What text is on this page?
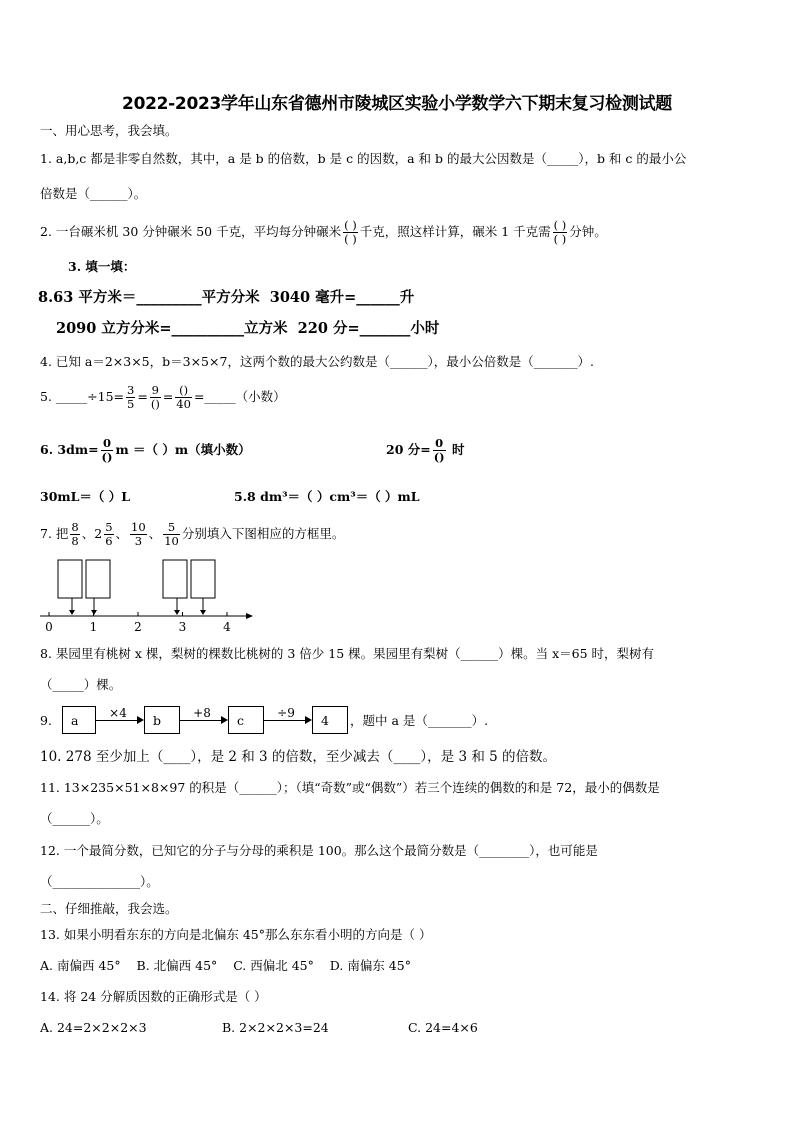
2022-2023学年山东省德州市陵城区实验小学数学六下期末复习检测试题
一、用心思考，我会填。
1. a,b,c 都是非零自然数，其中，a 是 b 的倍数，b 是 c 的因数，a 和 b 的最大公因数是（_____），b 和 c 的最小公
倍数是（______）。
2. 一台碾米机 30 分钟碾米 50 千克，平均每分钟碾米 $\frac{( )}{( )}$ 千克，照这样计算，碾米 1 千克需 $\frac{( )}{( )}$ 分钟。
3. 填一填：
8.63 平方米＝_________平方分米 3040 毫升=______升
2090 立方分米=__________立方米 220 分=_______小时
4. 已知 a＝2×3×5，b＝3×5×7，这两个数的最大公约数是（______），最小公倍数是（_______）.
5. _____÷15= $\frac{3}{5} = \frac{9}{()} = \frac{()}{40}$ =_____（小数）
6. $3dm= \frac{0}{()}$ m ＝（ ）m（填小数）	20 分= $\frac{0}{()}$ 时
30mL＝（ ）L	5.8 dm³＝（ ）cm³＝（ ）mL
7. 把 $\frac{8}{8}$ 、$2 \frac{5}{6}$ 、 $\frac{10}{3}$ 、 $\frac{5}{10}$ 分别填入下图相应的方框里。
0	1	2	3	4
8. 果园里有桃树 x 棵，梨树的棵数比桃树的 3 倍少 15 棵。果园里有梨树（______）棵。当 x＝65 时，梨树有
（_____）棵。
9.	a	×4	b	+8	c	÷9	4	，题中 a 是（_______）.
10. 278 至少加上（____），是 2 和 3 的倍数，至少减去（____），是 3 和 5 的倍数。
11. 13×235×51×8×97 的积是（______）；（填“奇数”或“偶数”）若三个连续的偶数的和是 72，最小的偶数是
（______）。
12. 一个最简分数，已知它的分子与分母的乘积是 100。那么这个最简分数是（________），也可能是
（______________）。
二、仔细推敲，我会选。
13. 如果小明看东东的方向是北偏东 45°那么东东看小明的方向是（ ）
A. 南偏西 45° B. 北偏西 45° C. 西偏北 45° D. 南偏东 45°
14. 将 24 分解质因数的正确形式是（ ）
A. 24=2×2×2×3	B. 2×2×2×3=24	C. 24=4×6
